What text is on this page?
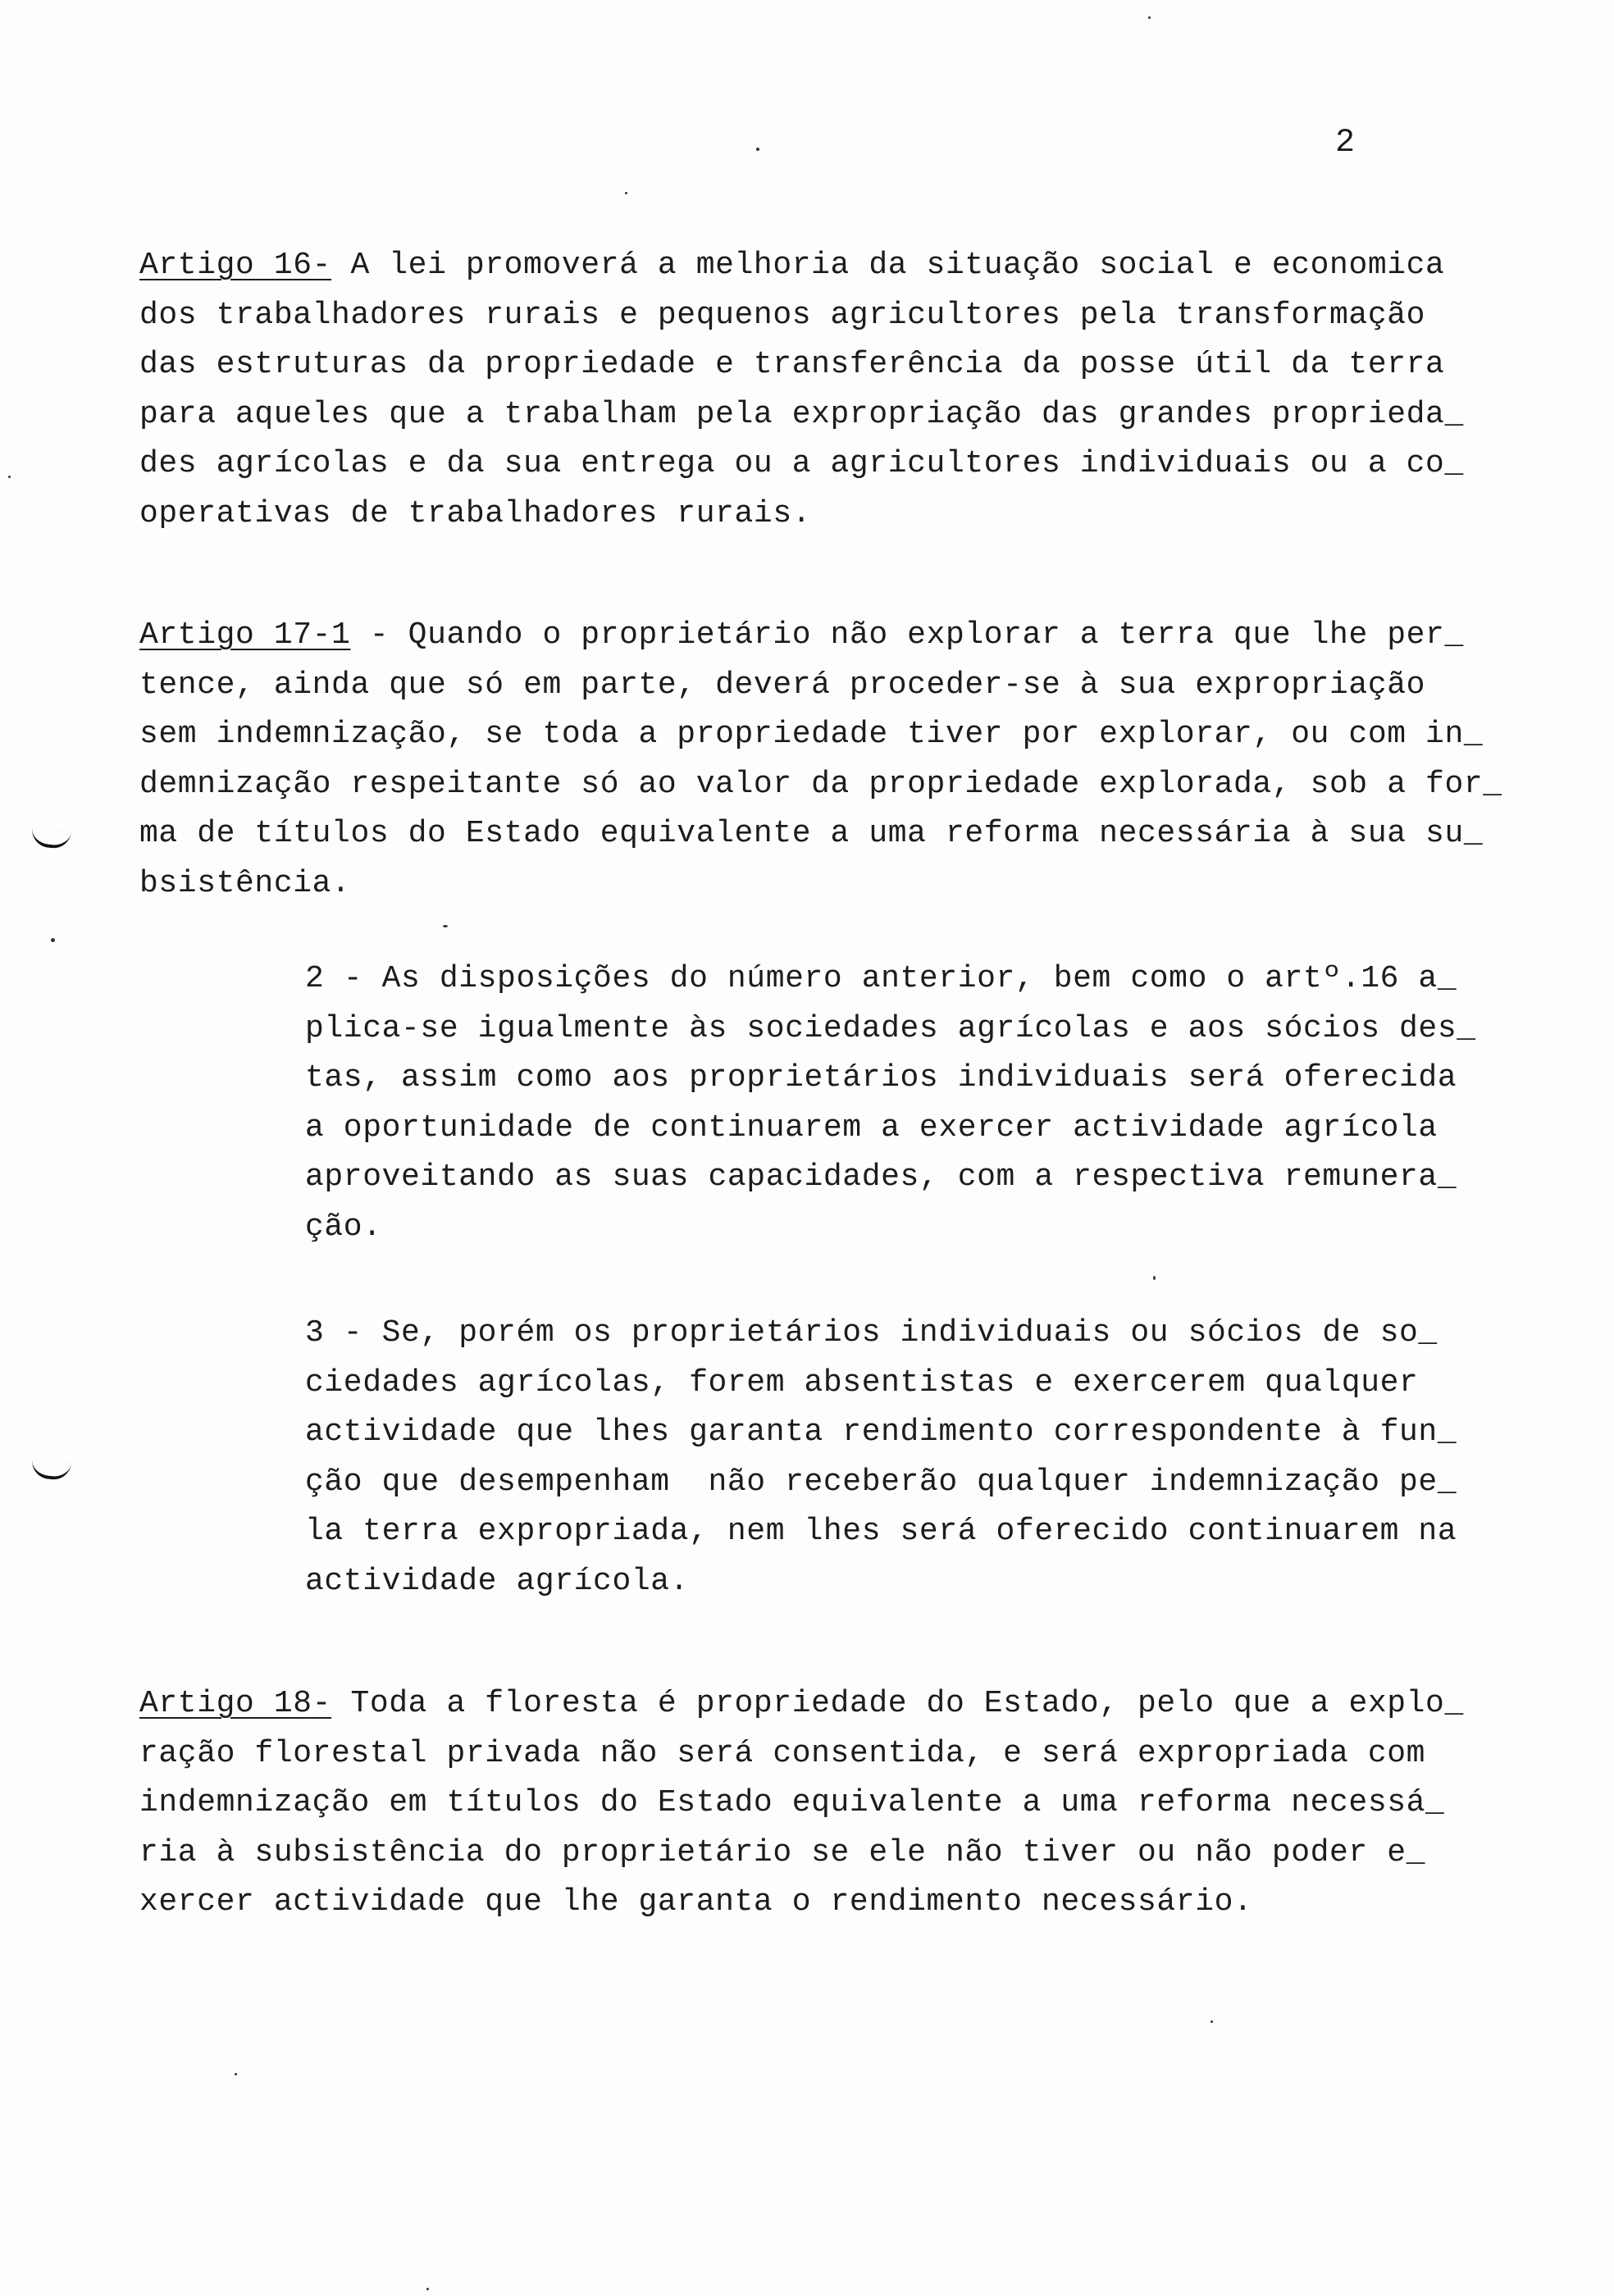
2
Artigo 16- A lei promoverá a melhoria da situação social e economica
dos trabalhadores rurais e pequenos agricultores pela transformação
das estruturas da propriedade e transferência da posse útil da terra
para aqueles que a trabalham pela expropriação das grandes proprieda_
des agrícolas e da sua entrega ou a agricultores individuais ou a co_
operativas de trabalhadores rurais.
Artigo 17-1 - Quando o proprietário não explorar a terra que lhe per_
tence, ainda que só em parte, deverá proceder-se à sua expropriação
sem indemnização, se toda a propriedade tiver por explorar, ou com in_
demnização respeitante só ao valor da propriedade explorada, sob a for_
ma de títulos do Estado equivalente a uma reforma necessária à sua su_
bsistência.
2 - As disposições do número anterior, bem como o artº.16 a_
plica-se igualmente às sociedades agrícolas e aos sócios des_
tas, assim como aos proprietários individuais será oferecida
a oportunidade de continuarem a exercer actividade agrícola
aproveitando as suas capacidades, com a respectiva remunera_
ção.
3 - Se, porém os proprietários individuais ou sócios de so_
ciedades agrícolas, forem absentistas e exercerem qualquer
actividade que lhes garanta rendimento correspondente à fun_
ção que desempenham  não receberão qualquer indemnização pe_
la terra expropriada, nem lhes será oferecido continuarem na
actividade agrícola.
Artigo 18- Toda a floresta é propriedade do Estado, pelo que a explo_
ração florestal privada não será consentida, e será expropriada com
indemnização em títulos do Estado equivalente a uma reforma necessá_
ria à subsistência do proprietário se ele não tiver ou não poder e_
xercer actividade que lhe garanta o rendimento necessário.
